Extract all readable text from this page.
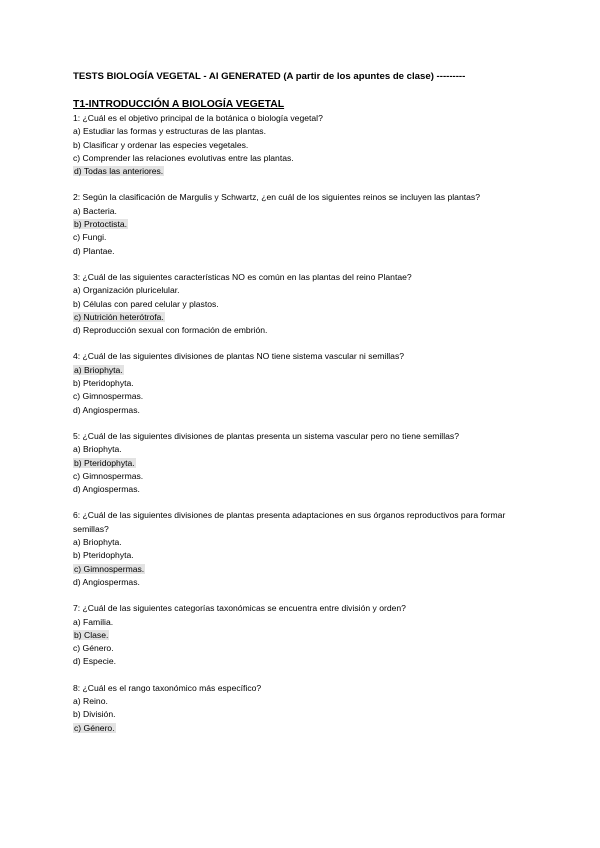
TESTS BIOLOGÍA VEGETAL - AI GENERATED (A partir de los apuntes de clase) ---------

T1-INTRODUCCIÓN A BIOLOGÍA VEGETAL

1: ¿Cuál es el objetivo principal de la botánica o biología vegetal?

a) Estudiar las formas y estructuras de las plantas.
b) Clasificar y ordenar las especies vegetales.
c) Comprender las relaciones evolutivas entre las plantas.
d) Todas las anteriores.

2: Según la clasificación de Margulis y Schwartz, ¿en cuál de los siguientes reinos se incluyen las plantas?

a) Bacteria.
b) Protoctista.
c) Fungi.
d) Plantae.

3: ¿Cuál de las siguientes características NO es común en las plantas del reino Plantae?

a) Organización pluricelular.
b) Células con pared celular y plastos.
c) Nutrición heterótrofa.
d) Reproducción sexual con formación de embrión.

4: ¿Cuál de las siguientes divisiones de plantas NO tiene sistema vascular ni semillas?

a) Briophyta.
b) Pteridophyta.
c) Gimnospermas.
d) Angiospermas.

5: ¿Cuál de las siguientes divisiones de plantas presenta un sistema vascular pero no tiene semillas?

a) Briophyta.
b) Pteridophyta.
c) Gimnospermas.
d) Angiospermas.

6: ¿Cuál de las siguientes divisiones de plantas presenta adaptaciones en sus órganos reproductivos para formar semillas?

a) Briophyta.
b) Pteridophyta.
c) Gimnospermas.
d) Angiospermas.

7: ¿Cuál de las siguientes categorías taxonómicas se encuentra entre división y orden?

a) Familia.
b) Clase.
c) Género.
d) Especie.

8: ¿Cuál es el rango taxonómico más específico?

a) Reino.
b) División.
c) Género.
